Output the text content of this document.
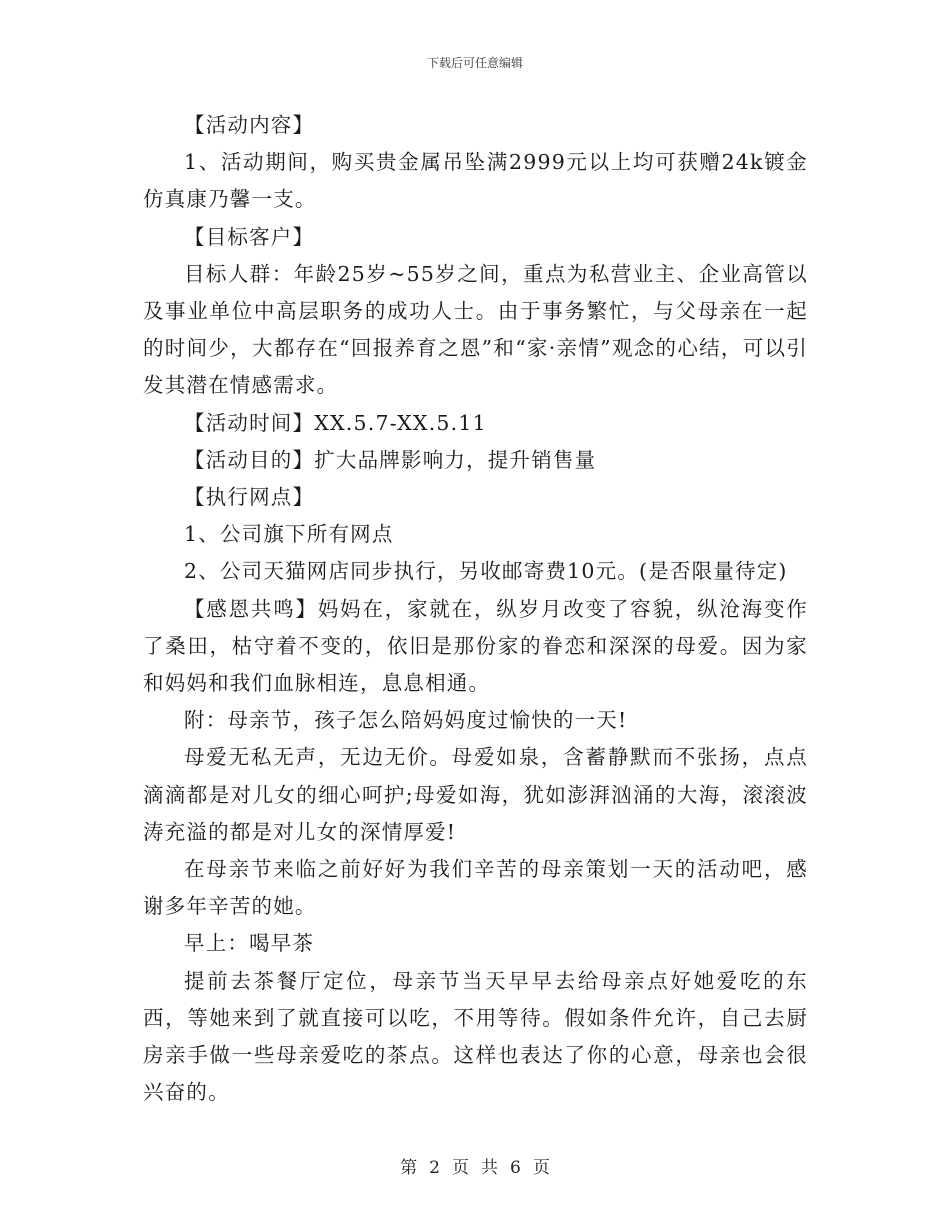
下载后可任意编辑

【活动内容】

1、活动期间，购买贵金属吊坠满2999元以上均可获赠24k镀金仿真康乃馨一支。

【目标客户】

目标人群：年龄25岁~55岁之间，重点为私营业主、企业高管以及事业单位中高层职务的成功人士。由于事务繁忙，与父母亲在一起的时间少，大都存在“回报养育之恩”和“家·亲情”观念的心结，可以引发其潜在情感需求。

【活动时间】XX.5.7-XX.5.11

【活动目的】扩大品牌影响力，提升销售量

【执行网点】

1、公司旗下所有网点

2、公司天猫网店同步执行，另收邮寄费10元。(是否限量待定)

【感恩共鸣】妈妈在，家就在，纵岁月改变了容貌，纵沧海变作了桑田，枯守着不变的，依旧是那份家的眷恋和深深的母爱。因为家和妈妈和我们血脉相连，息息相通。

附：母亲节，孩子怎么陪妈妈度过愉快的一天!

母爱无私无声，无边无价。母爱如泉，含蓄静默而不张扬，点点滴滴都是对儿女的细心呵护;母爱如海，犹如澎湃汹涌的大海，滚滚波涛充溢的都是对儿女的深情厚爱!

在母亲节来临之前好好为我们辛苦的母亲策划一天的活动吧，感谢多年辛苦的她。

早上：喝早茶

提前去茶餐厅定位，母亲节当天早早去给母亲点好她爱吃的东西，等她来到了就直接可以吃，不用等待。假如条件允许，自己去厨房亲手做一些母亲爱吃的茶点。这样也表达了你的心意，母亲也会很兴奋的。

第 2 页 共 6 页
